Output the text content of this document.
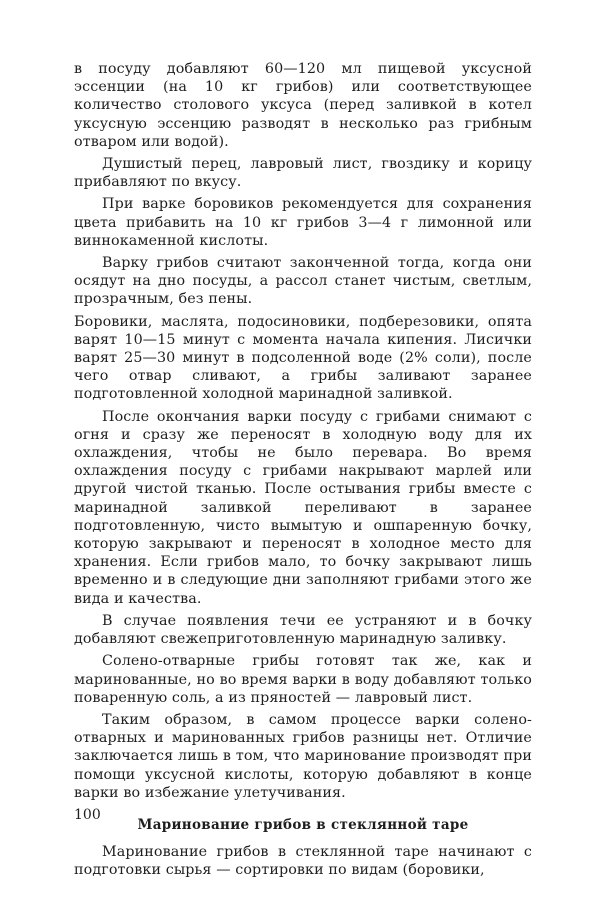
в посуду добавляют 60—120 мл пищевой уксусной эссенции (на 10 кг грибов) или соответствующее количество столового уксуса (перед заливкой в котел уксусную эссенцию разводят в несколько раз грибным отваром или водой).

Душистый перец, лавровый лист, гвоздику и корицу прибавляют по вкусу.

При варке боровиков рекомендуется для сохранения цвета прибавить на 10 кг грибов 3—4 г лимонной или виннокаменной кислоты.

Варку грибов считают законченной тогда, когда они осядут на дно посуды, а рассол станет чистым, светлым, прозрачным, без пены.

Боровики, маслята, подосиновики, подберезовики, опята варят 10—15 минут с момента начала кипения. Лисички варят 25—30 минут в подсоленной воде (2% соли), после чего отвар сливают, а грибы заливают заранее подготовленной холодной маринадной заливкой.

После окончания варки посуду с грибами снимают с огня и сразу же переносят в холодную воду для их охлаждения, чтобы не было перевара. Во время охлаждения посуду с грибами накрывают марлей или другой чистой тканью. После остывания грибы вместе с маринадной заливкой переливают в заранее подготовленную, чисто вымытую и ошпаренную бочку, которую закрывают и переносят в холодное место для хранения. Если грибов мало, то бочку закрывают лишь временно и в следующие дни заполняют грибами этого же вида и качества.

В случае появления течи ее устраняют и в бочку добавляют свежеприготовленную маринадную заливку.

Солено-отварные грибы готовят так же, как и маринованные, но во время варки в воду добавляют только поваренную соль, а из пряностей — лавровый лист.

Таким образом, в самом процессе варки солено-отварных и маринованных грибов разницы нет. Отличие заключается лишь в том, что маринование производят при помощи уксусной кислоты, которую добавляют в конце варки во избежание улетучивания.

Маринование грибов в стеклянной таре

Маринование грибов в стеклянной таре начинают с подготовки сырья — сортировки по видам (боровики,

100
